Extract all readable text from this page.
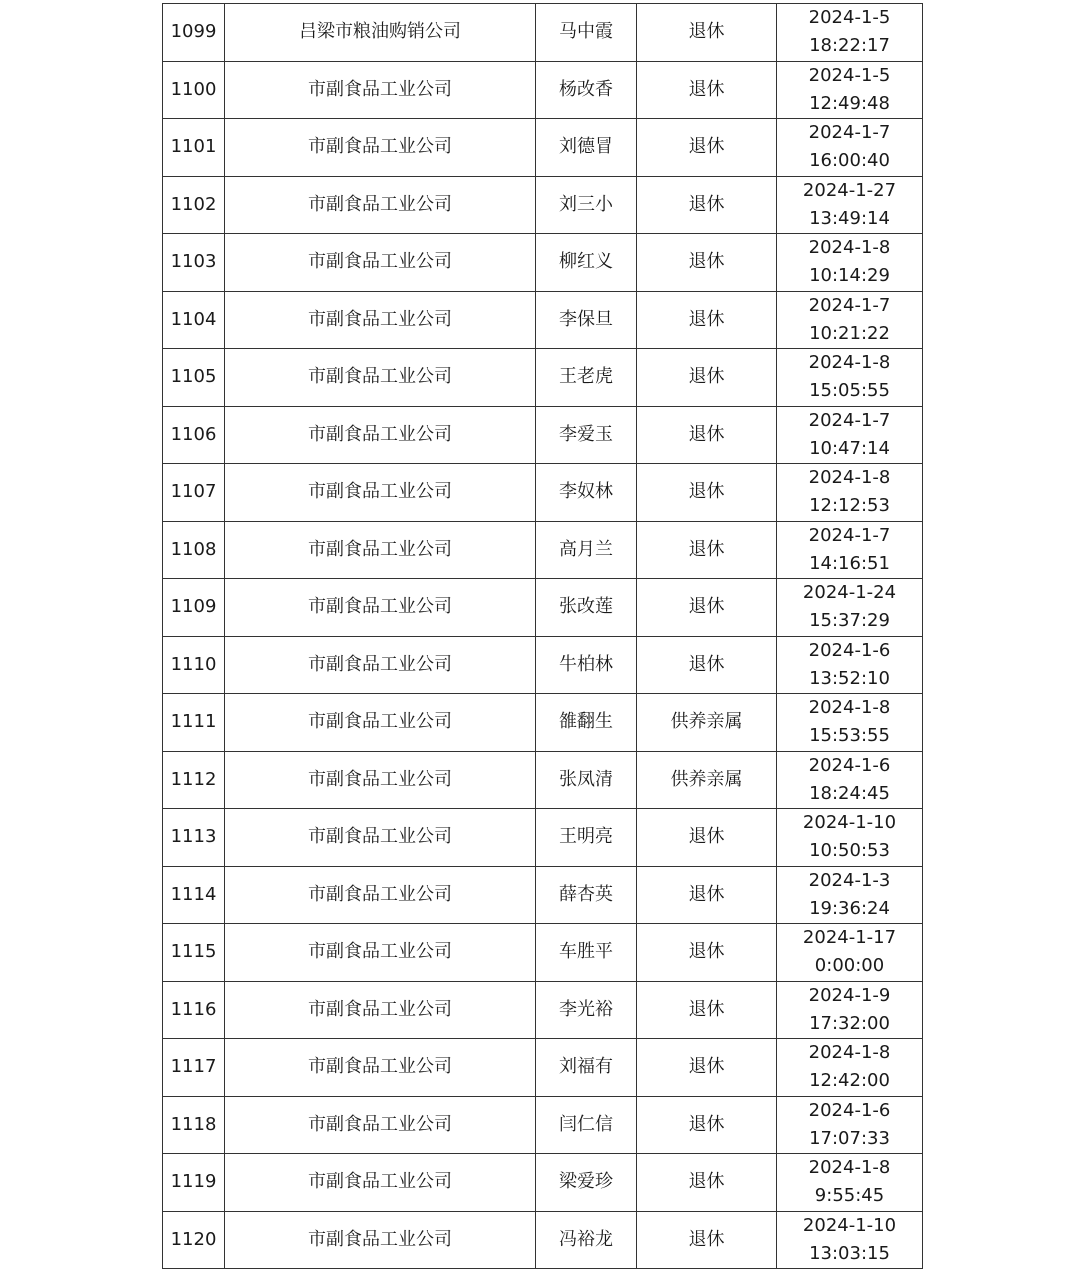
1099	吕梁市粮油购销公司	马中霞	退休	2024-1-5
18:22:17

1100	市副食品工业公司	杨改香	退休	2024-1-5
12:49:48

1101	市副食品工业公司	刘德冒	退休	2024-1-7
16:00:40

1102	市副食品工业公司	刘三小	退休	2024-1-27
13:49:14

1103	市副食品工业公司	柳红义	退休	2024-1-8
10:14:29

1104	市副食品工业公司	李保旦	退休	2024-1-7
10:21:22

1105	市副食品工业公司	王老虎	退休	2024-1-8
15:05:55

1106	市副食品工业公司	李爱玉	退休	2024-1-7
10:47:14

1107	市副食品工业公司	李奴林	退休	2024-1-8
12:12:53

1108	市副食品工业公司	高月兰	退休	2024-1-7
14:16:51

1109	市副食品工业公司	张改莲	退休	2024-1-24
15:37:29

1110	市副食品工业公司	牛柏林	退休	2024-1-6
13:52:10

1111	市副食品工业公司	雒翻生	供养亲属	2024-1-8
15:53:55

1112	市副食品工业公司	张凤清	供养亲属	2024-1-6
18:24:45

1113	市副食品工业公司	王明亮	退休	2024-1-10
10:50:53

1114	市副食品工业公司	薛杏英	退休	2024-1-3
19:36:24

1115	市副食品工业公司	车胜平	退休	2024-1-17
0:00:00

1116	市副食品工业公司	李光裕	退休	2024-1-9
17:32:00

1117	市副食品工业公司	刘福有	退休	2024-1-8
12:42:00

1118	市副食品工业公司	闫仁信	退休	2024-1-6
17:07:33

1119	市副食品工业公司	梁爱珍	退休	2024-1-8
9:55:45

1120	市副食品工业公司	冯裕龙	退休	2024-1-10
13:03:15
